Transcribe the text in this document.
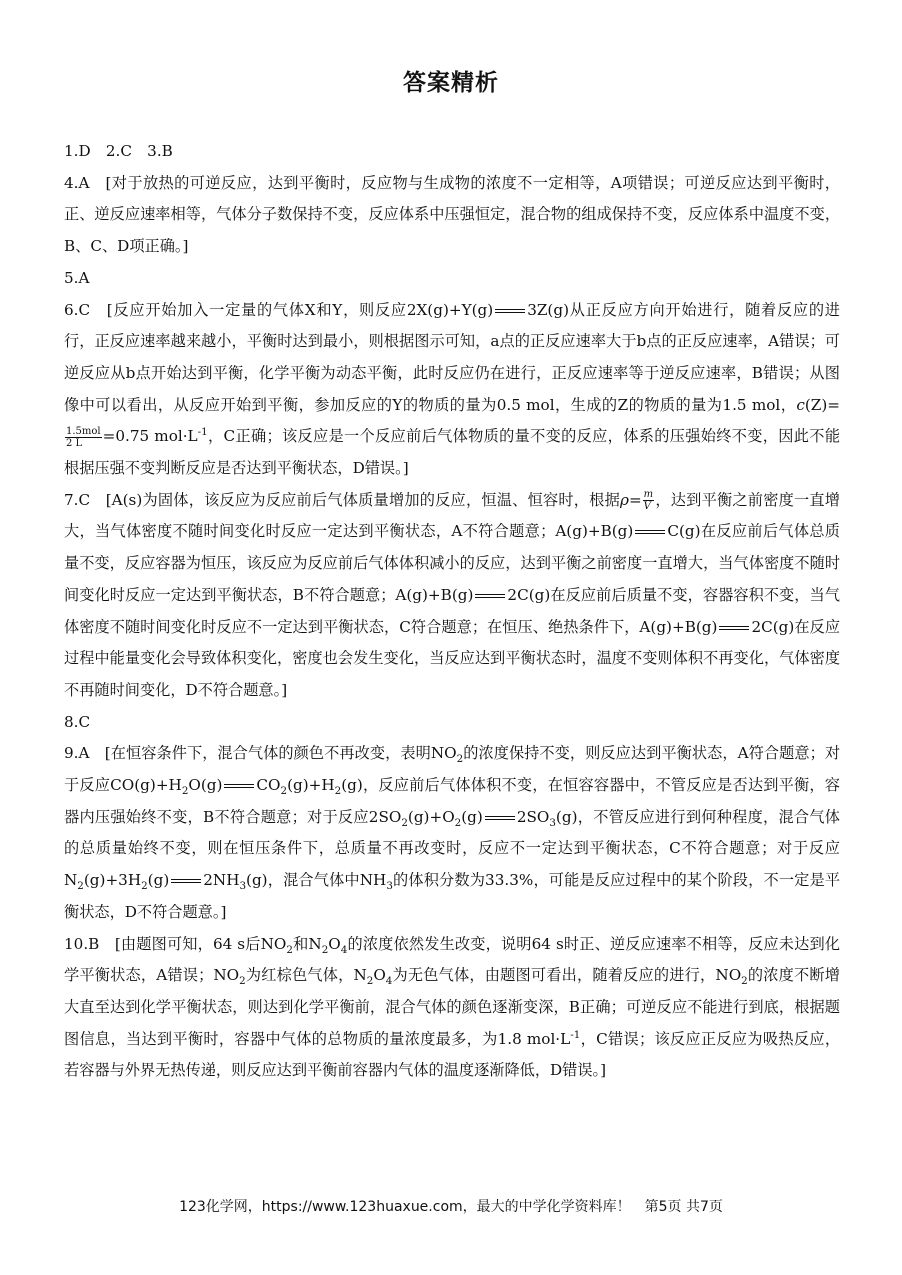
答案精析

1.D　2.C　3.B

4.A　[对于放热的可逆反应，达到平衡时，反应物与生成物的浓度不一定相等，A项错误；可逆反应达到平衡时，正、逆反应速率相等，气体分子数保持不变，反应体系中压强恒定，混合物的组成保持不变，反应体系中温度不变，B、C、D项正确。]

5.A

6.C　[反应开始加入一定量的气体X和Y，则反应2X(g)+Y(g) 3Z(g)从正反应方向开始进行，随着反应的进行，正反应速率越来越小，平衡时达到最小，则根据图示可知，a点的正反应速率大于b点的正反应速率，A错误；可逆反应从b点开始达到平衡，化学平衡为动态平衡，此时反应仍在进行，正反应速率等于逆反应速率，B错误；从图像中可以看出，从反应开始到平衡，参加反应的Y的物质的量为0.5 mol，生成的Z的物质的量为1.5 mol，c(Z)=
$\frac{\text{1.5mol}}{2 L} =0.75$ $mol\cdot L^{-1}$，C正确；该反应是一个反应前后气体物质的量不变的反应，体系的压强始终不变，因此不能根据压强不变判断反应是否达到平衡状态，D错误。]

7.C　[A(s)为固体，该反应为反应前后气体质量增加的反应，恒温、恒容时，根据$\rho= \frac{m}{V}$ ，达到平衡之前密度一直增大，当气体密度不随时间变化时反应一定达到平衡状态，A不符合题意；A(g)+B(g) C(g)在反应前后气体总质量不变，反应容器为恒压，该反应为反应前后气体体积减小的反应，达到平衡之前密度一直增大，当气体密度不随时间变化时反应一定达到平衡状态，B不符合题意；A(g)+B(g) 2C(g)在反应前后质量不变，容器容积不变，当气体密度不随时间变化时反应不一定达到平衡状态，C符合题意；在恒压、绝热条件下，A(g)+B(g) 2C(g)在反应过程中能量变化会导致体积变化，密度也会发生变化，当反应达到平衡状态时，温度不变则体积不再变化，气体密度不再随时间变化，D不符合题意。]

8.C

9.A　[在恒容条件下，混合气体的颜色不再改变，表明$NO_2$的浓度保持不变，则反应达到平衡状态，A符合题意；对于反应$CO(g)+H_2O(g)$ $CO_2(g)+H_2(g)$，反应前后气体体积不变，在恒容容器中，不管反应是否达到平衡，容器内压强始终不变，B不符合题意；对于反应$2SO_2(g)+O_2(g)$ $2SO_3(g)$，不管反应进行到何种程度，混合气体的总质量始终不变，则在恒压条件下，总质量不再改变时，反应不一定达到平衡状态，C不符合题意；对于反应$N_2(g)+3H_2(g)$ $2NH_3(g)$，混合气体中$NH_3$的体积分数为33.3%，可能是反应过程中的某个阶段，不一定是平衡状态，D不符合题意。]

10.B　[由题图可知，64 s后$NO_2$和$N_2O_4$的浓度依然发生改变，说明64 s时正、逆反应速率不相等，反应未达到化学平衡状态，A错误；$NO_2$为红棕色气体，$N_2O_4$为无色气体，由题图可看出，随着反应的进行，$NO_2$的浓度不断增大直至达到化学平衡状态，则达到化学平衡前，混合气体的颜色逐渐变深，B正确；可逆反应不能进行到底，根据题图信息，当达到平衡时，容器中气体的总物质的量浓度最多，为1.8 $mol\cdot L^{-1}$，C错误；该反应正反应为吸热反应，若容器与外界无热传递，则反应达到平衡前容器内气体的温度逐渐降低，D错误。]

123化学网，https://www.123huaxue.com，最大的中学化学资料库！　第5页 共7页
